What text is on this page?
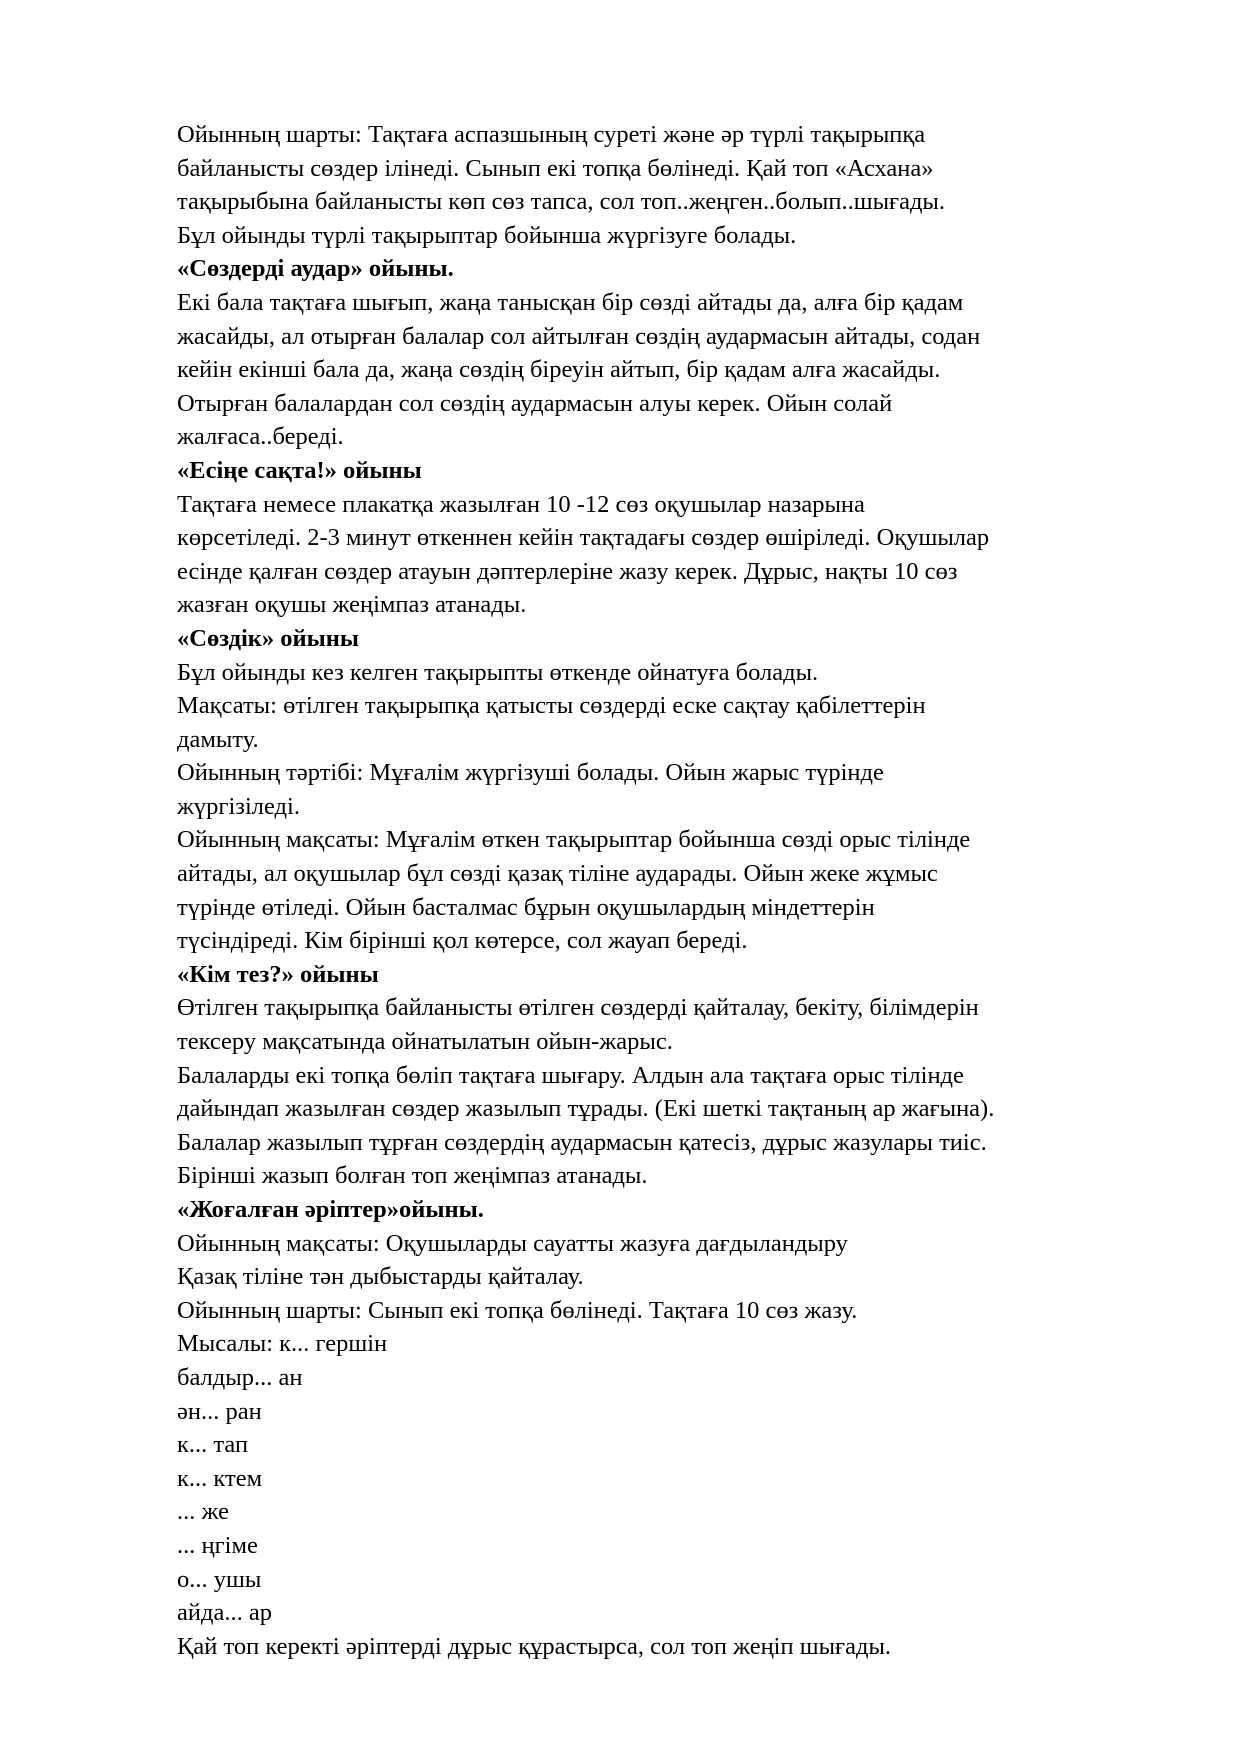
Ойынның шарты: Тақтаға аспазшының суреті және әр түрлі тақырыпқа

байланысты сөздер ілінеді. Сынып екі топқа бөлінеді. Қай топ «Асхана»

тақырыбына байланысты көп сөз тапса, сол топ..жеңген..болып..шығады.

Бұл ойынды түрлі тақырыптар бойынша жүргізуге болады.

«Сөздерді аудар» ойыны.

Екі бала тақтаға шығып, жаңа танысқан бір сөзді айтады да, алға бір қадам

жасайды, ал отырған балалар сол айтылған сөздің аудармасын айтады, содан

кейін екінші бала да, жаңа сөздің біреуін айтып, бір қадам алға жасайды.

Отырған балалардан сол сөздің аудармасын алуы керек. Ойын солай

жалғаса..береді.

«Есіңе сақта!» ойыны

Тақтаға немесе плакатқа жазылған 10 -12 сөз оқушылар назарына

көрсетіледі. 2-3 минут өткеннен кейін тақтадағы сөздер өшіріледі. Оқушылар

есінде қалған сөздер атауын дәптерлеріне жазу керек. Дұрыс, нақты 10 сөз

жазған оқушы жеңімпаз атанады.

«Сөздік» ойыны

Бұл ойынды кез келген тақырыпты өткенде ойнатуға болады.

Мақсаты: өтілген тақырыпқа қатысты сөздерді еске сақтау қабілеттерін

дамыту.

Ойынның тәртібі: Мұғалім жүргізуші болады. Ойын жарыс түрінде

жүргізіледі.

Ойынның мақсаты: Мұғалім өткен тақырыптар бойынша сөзді орыс тілінде

айтады, ал оқушылар бұл сөзді қазақ тіліне аударады. Ойын жеке жұмыс

түрінде өтіледі. Ойын басталмас бұрын оқушылардың міндеттерін

түсіндіреді. Кім бірінші қол көтерсе, сол жауап береді.

«Кім тез?» ойыны

Өтілген тақырыпқа байланысты өтілген сөздерді қайталау, бекіту, білімдерін

тексеру мақсатында ойнатылатын ойын-жарыс.

Балаларды екі топқа бөліп тақтаға шығару. Алдын ала тақтаға орыс тілінде

дайындап жазылған сөздер жазылып тұрады. (Екі шеткі тақтаның ар жағына).

Балалар жазылып тұрған сөздердің аудармасын қатесіз, дұрыс жазулары тиіс.

Бірінші жазып болған топ жеңімпаз атанады.

«Жоғалған әріптер»ойыны.

Ойынның мақсаты: Оқушыларды сауатты жазуға дағдыландыру

Қазақ тіліне тән дыбыстарды қайталау.

Ойынның шарты: Сынып екі топқа бөлінеді. Тақтаға 10 сөз жазу.

Мысалы: к... гершін

балдыр... ан

ән... ран

к... тап

к... ктем

... же

... ңгіме

о... ушы

айда... ар

Қай топ керекті әріптерді дұрыс құрастырса, сол топ жеңіп шығады.
